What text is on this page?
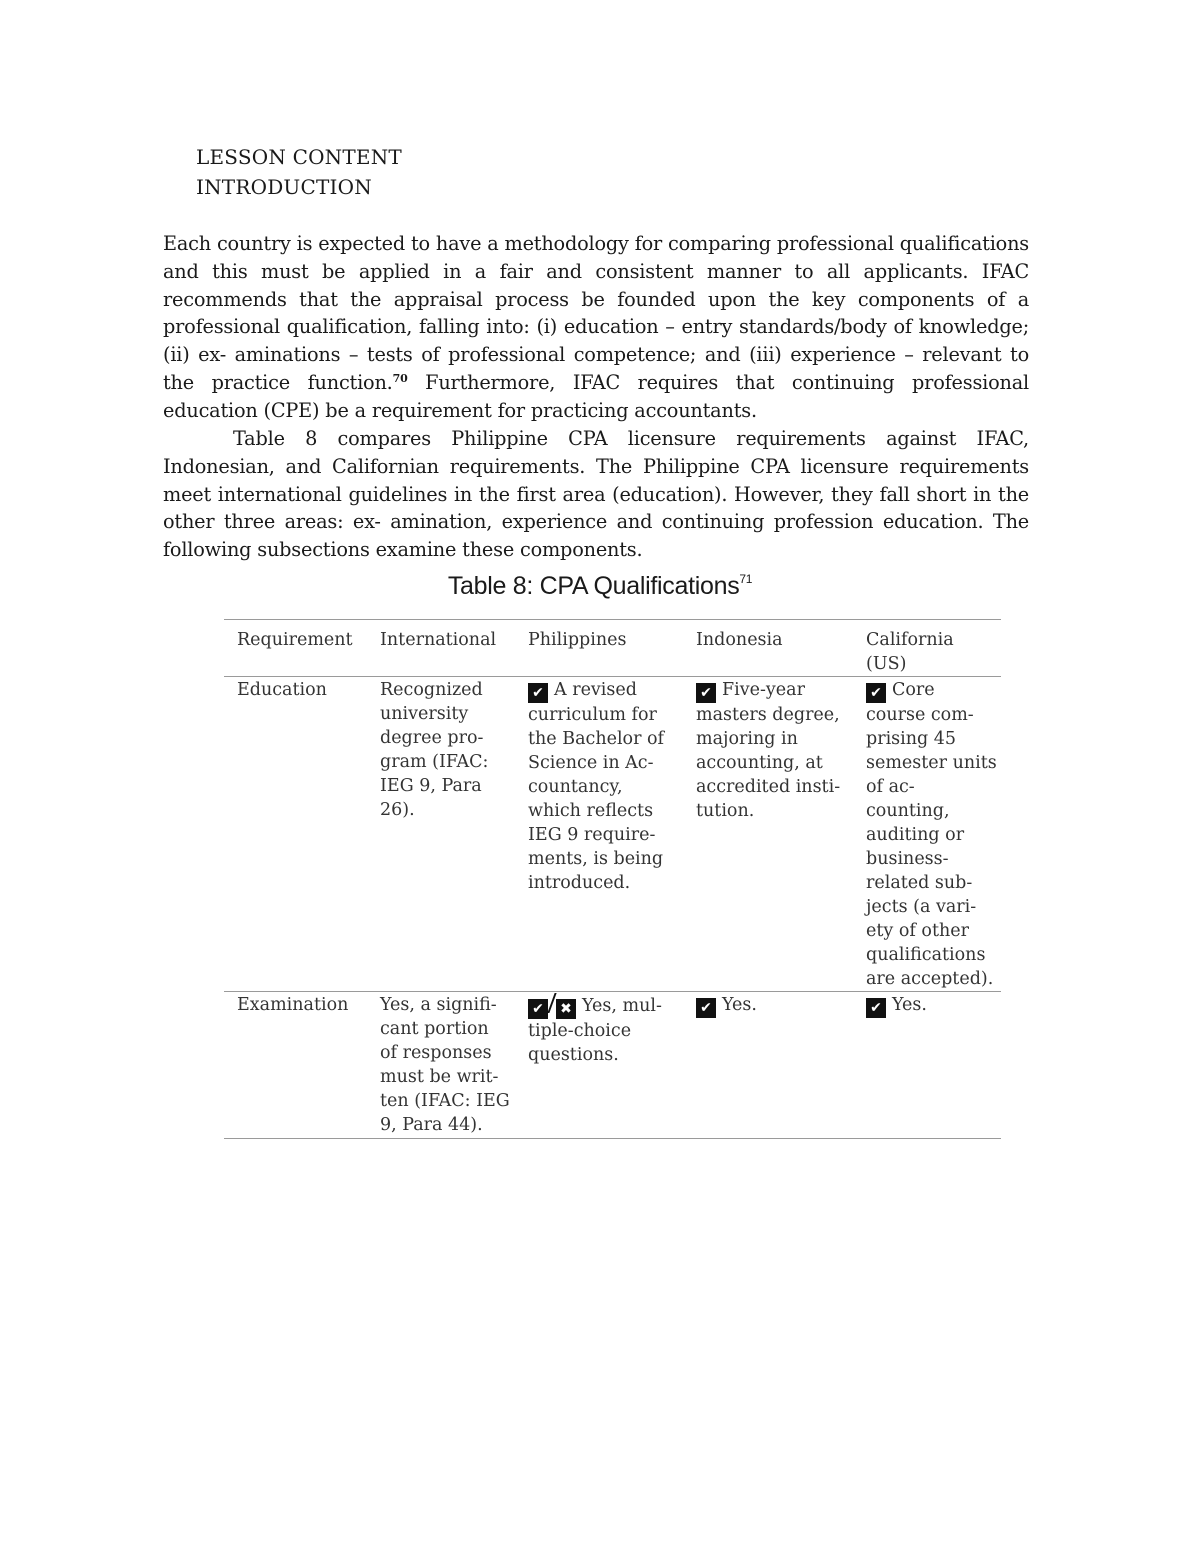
LESSON CONTENT
INTRODUCTION
Each country is expected to have a methodology for comparing professional qualifications and this must be applied in a fair and consistent manner to all applicants. IFAC recommends that the appraisal process be founded upon the key components of a professional qualification, falling into: (i) education – entry standards/body of knowledge; (ii) ex- aminations – tests of professional competence; and (iii) experience – relevant to the practice function.$^{70}$ Furthermore, IFAC requires that continuing professional education (CPE) be a requirement for practicing accountants.
Table 8 compares Philippine CPA licensure requirements against IFAC, Indonesian, and Californian requirements. The Philippine CPA licensure requirements meet international guidelines in the first area (education). However, they fall short in the other three areas: ex- amination, experience and continuing profession education. The following subsections examine these components.
Table 8: CPA Qualifications$^{71}$
Requirement	International	Philippines	Indonesia	California (US)
Education	Recognized university degree pro- gram (IFAC: IEG 9, Para 26).	✔ A revised curriculum for the Bachelor of Science in Ac- countancy, which reflects IEG 9 require- ments, is being introduced.	✔ Five-year masters degree, majoring in accounting, at accredited insti- tution.	✔ Core course com- prising 45 semester units of ac- counting, auditing or business- related sub- jects (a vari- ety of other qualifications are accepted).
Examination	Yes, a signifi- cant portion of responses must be writ- ten (IFAC: IEG 9, Para 44).	✔ ✖ Yes, mul- tiple-choice questions.	✔ Yes.	✔ Yes.
